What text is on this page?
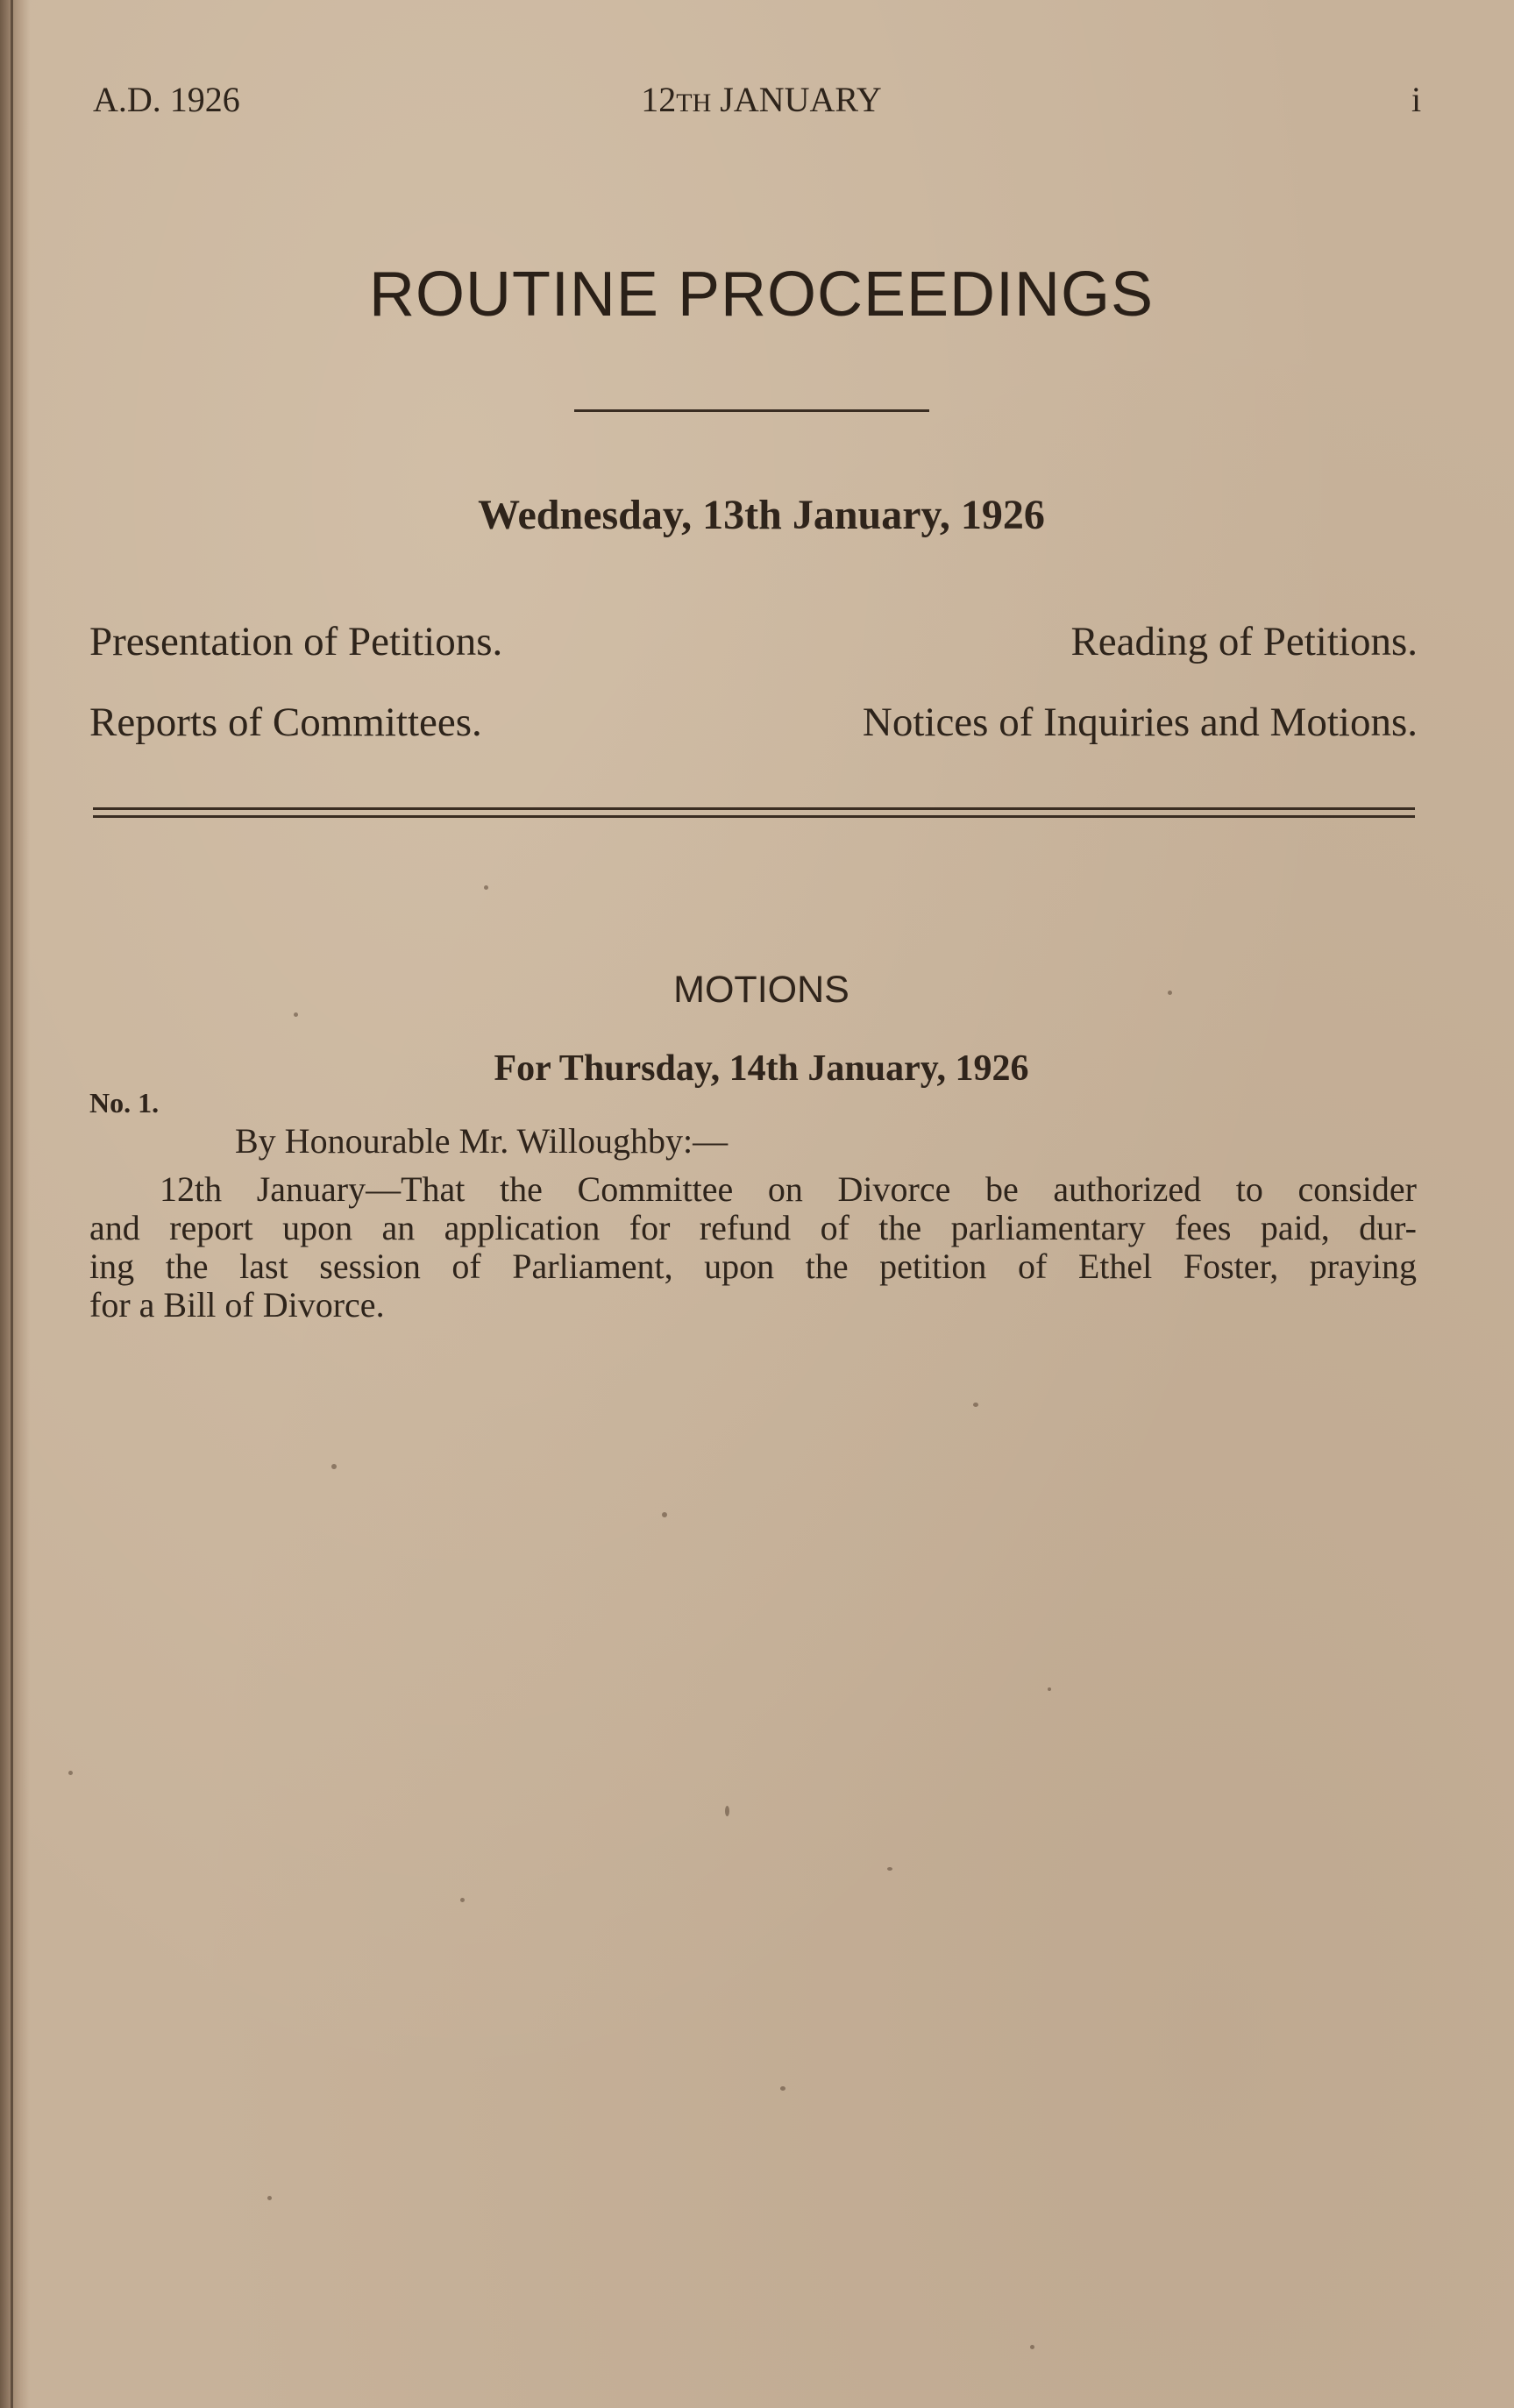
A.D. 1926	12TH JANUARY	i
ROUTINE PROCEEDINGS
Wednesday, 13th January, 1926
Presentation of Petitions.	Reading of Petitions.
Reports of Committees.	Notices of Inquiries and Motions.
MOTIONS
For Thursday, 14th January, 1926
No. 1.
By Honourable Mr. Willoughby:—
12th January—That the Committee on Divorce be authorized to consider
and report upon an application for refund of the parliamentary fees paid, dur-
ing the last session of Parliament, upon the petition of Ethel Foster, praying
for a Bill of Divorce.
